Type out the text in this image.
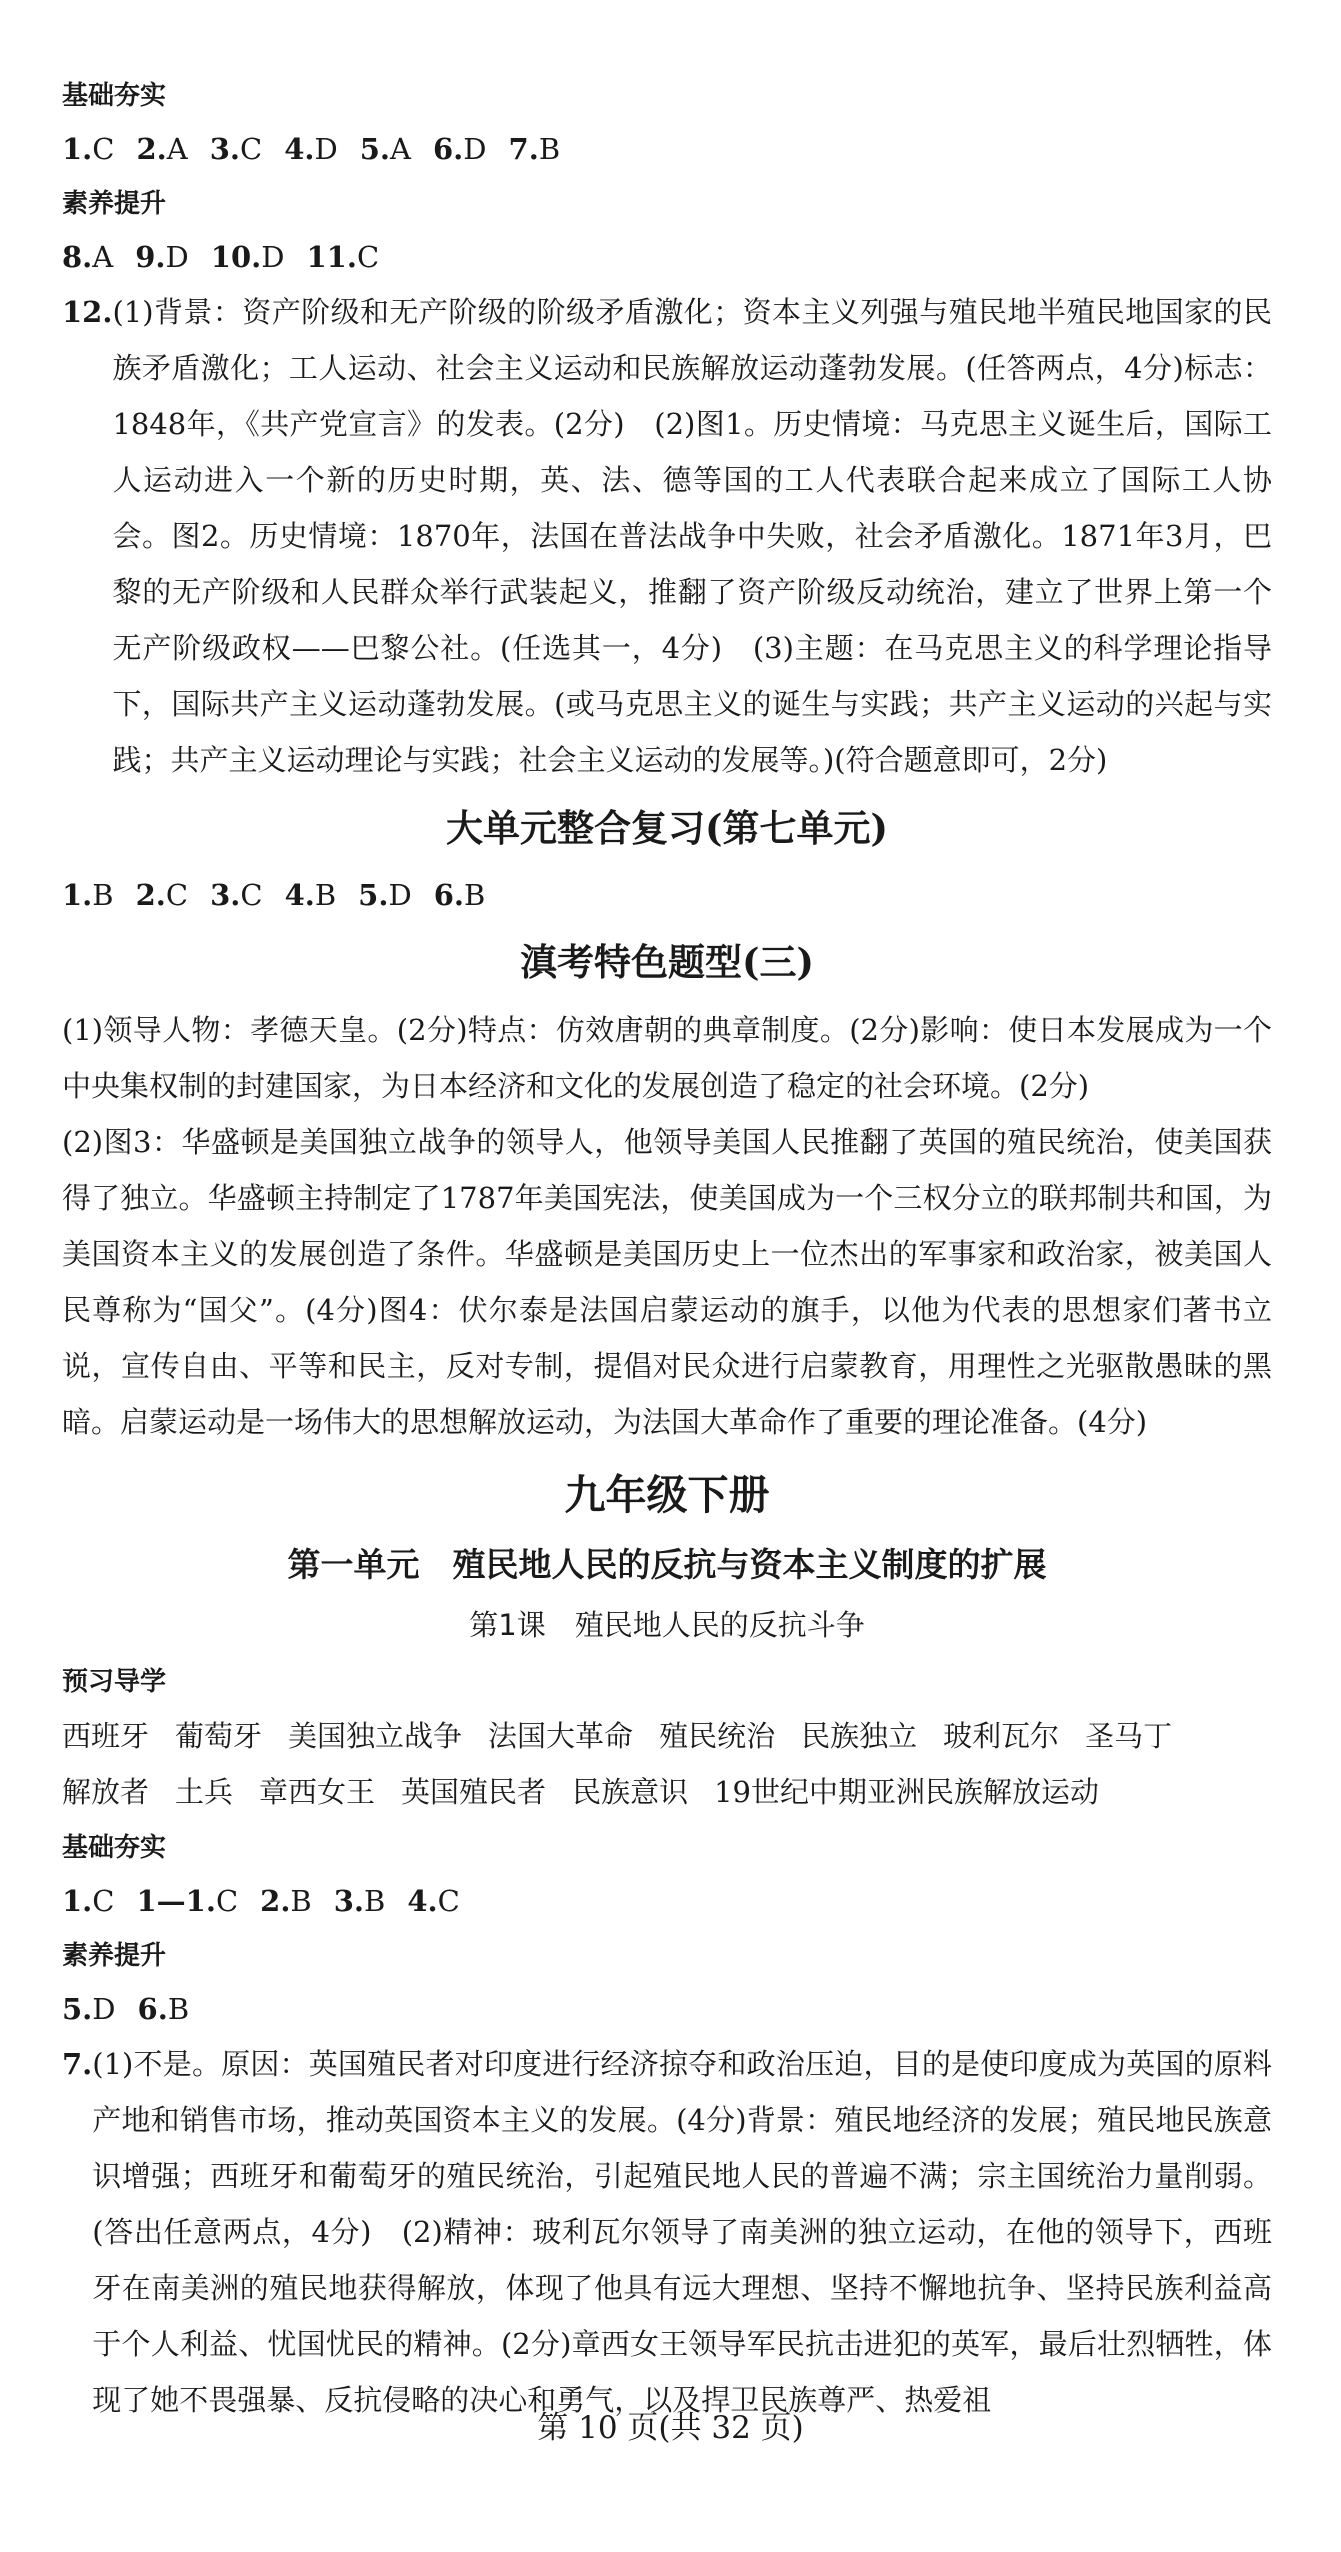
基础夯实
1.C 2.A 3.C 4.D 5.A 6.D 7.B
素养提升
8.A 9.D 10.D 11.C
12. (1)背景：资产阶级和无产阶级的阶级矛盾激化；资本主义列强与殖民地半殖民地国家的民族矛盾激化；工人运动、社会主义运动和民族解放运动蓬勃发展。(任答两点，4分)标志：1848年，《共产党宣言》的发表。(2分)　(2)图1。历史情境：马克思主义诞生后，国际工人运动进入一个新的历史时期，英、法、德等国的工人代表联合起来成立了国际工人协会。图2。历史情境：1870年，法国在普法战争中失败，社会矛盾激化。1871年3月，巴黎的无产阶级和人民群众举行武装起义，推翻了资产阶级反动统治，建立了世界上第一个无产阶级政权——巴黎公社。(任选其一，4分)　(3)主题：在马克思主义的科学理论指导下，国际共产主义运动蓬勃发展。(或马克思主义的诞生与实践；共产主义运动的兴起与实践；共产主义运动理论与实践；社会主义运动的发展等。)(符合题意即可，2分)
大单元整合复习(第七单元)
1.B 2.C 3.C 4.B 5.D 6.B
滇考特色题型(三)
(1)领导人物：孝德天皇。(2分)特点：仿效唐朝的典章制度。(2分)影响：使日本发展成为一个中央集权制的封建国家，为日本经济和文化的发展创造了稳定的社会环境。(2分)
(2)图3：华盛顿是美国独立战争的领导人，他领导美国人民推翻了英国的殖民统治，使美国获得了独立。华盛顿主持制定了1787年美国宪法，使美国成为一个三权分立的联邦制共和国，为美国资本主义的发展创造了条件。华盛顿是美国历史上一位杰出的军事家和政治家，被美国人民尊称为“国父”。(4分)图4：伏尔泰是法国启蒙运动的旗手，以他为代表的思想家们著书立说，宣传自由、平等和民主，反对专制，提倡对民众进行启蒙教育，用理性之光驱散愚昧的黑暗。启蒙运动是一场伟大的思想解放运动，为法国大革命作了重要的理论准备。(4分)
九年级下册
第一单元　殖民地人民的反抗与资本主义制度的扩展
第1课　殖民地人民的反抗斗争
预习导学
西班牙 葡萄牙 美国独立战争 法国大革命 殖民统治 民族独立 玻利瓦尔 圣马丁
解放者 土兵 章西女王 英国殖民者 民族意识 19世纪中期亚洲民族解放运动
基础夯实
1.C 1—1.C 2.B 3.B 4.C
素养提升
5.D 6.B
7. (1)不是。原因：英国殖民者对印度进行经济掠夺和政治压迫，目的是使印度成为英国的原料产地和销售市场，推动英国资本主义的发展。(4分)背景：殖民地经济的发展；殖民地民族意识增强；西班牙和葡萄牙的殖民统治，引起殖民地人民的普遍不满；宗主国统治力量削弱。(答出任意两点，4分)　(2)精神：玻利瓦尔领导了南美洲的独立运动，在他的领导下，西班牙在南美洲的殖民地获得解放，体现了他具有远大理想、坚持不懈地抗争、坚持民族利益高于个人利益、忧国忧民的精神。(2分)章西女王领导军民抗击进犯的英军，最后壮烈牺牲，体现了她不畏强暴、反抗侵略的决心和勇气，以及捍卫民族尊严、热爱祖
第 10 页(共 32 页)
